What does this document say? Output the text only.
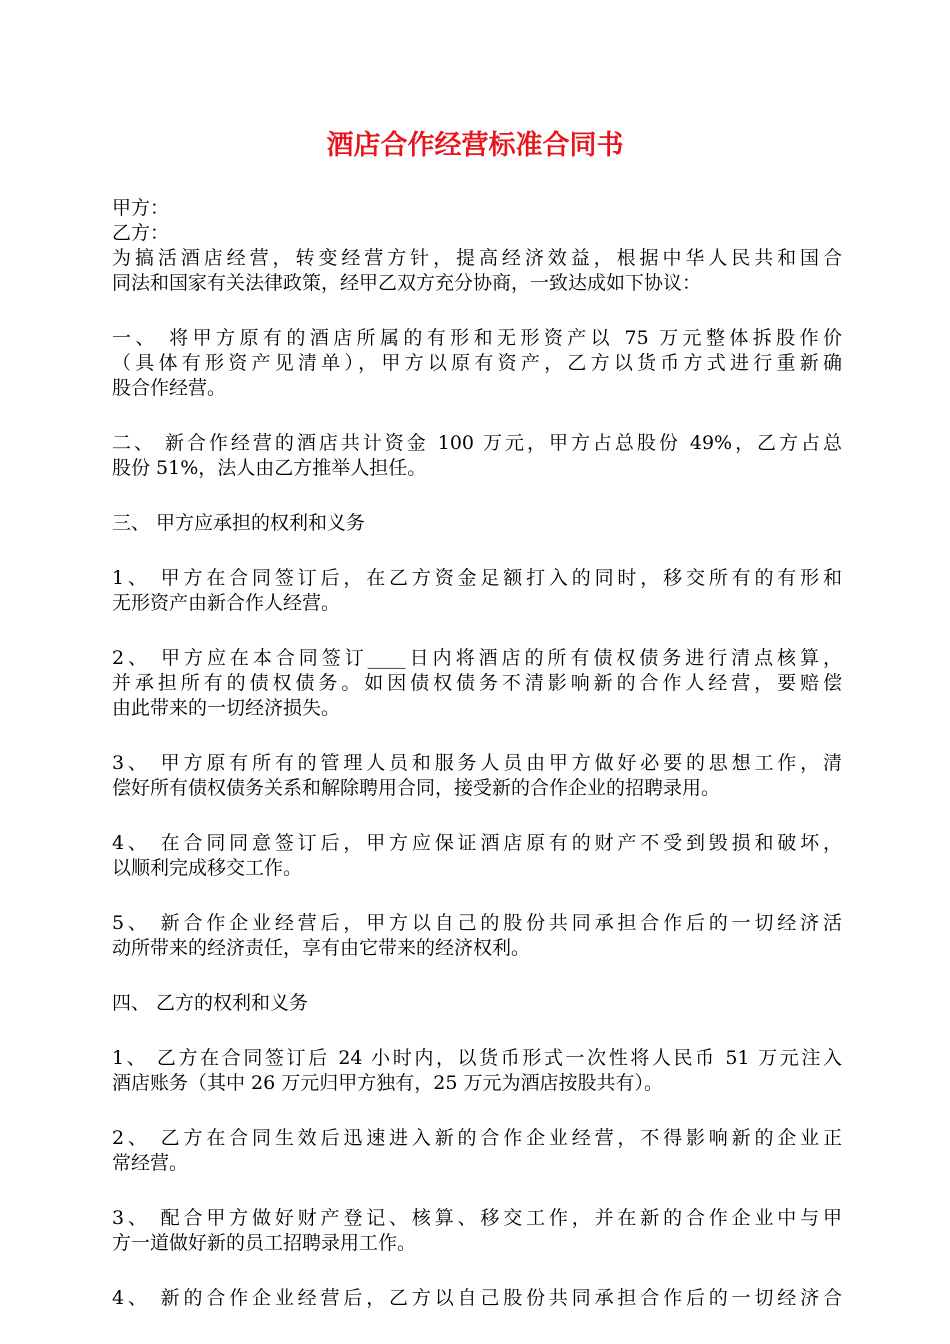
酒店合作经营标准合同书
甲方：
乙方：
为搞活酒店经营，转变经营方针，提高经济效益，根据中华人民共和国合
同法和国家有关法律政策，经甲乙双方充分协商，一致达成如下协议：
一、 将甲方原有的酒店所属的有形和无形资产以 75 万元整体拆股作价
（具体有形资产见清单），甲方以原有资产，乙方以货币方式进行重新确
股合作经营。
二、 新合作经营的酒店共计资金 100 万元，甲方占总股份 49%，乙方占总
股份 51%，法人由乙方推举人担任。
三、 甲方应承担的权利和义务
1、 甲方在合同签订后，在乙方资金足额打入的同时，移交所有的有形和
无形资产由新合作人经营。
2、 甲方应在本合同签订____日内将酒店的所有债权债务进行清点核算，
并承担所有的债权债务。如因债权债务不清影响新的合作人经营，要赔偿
由此带来的一切经济损失。
3、 甲方原有所有的管理人员和服务人员由甲方做好必要的思想工作，清
偿好所有债权债务关系和解除聘用合同，接受新的合作企业的招聘录用。
4、 在合同同意签订后，甲方应保证酒店原有的财产不受到毁损和破坏，
以顺利完成移交工作。
5、 新合作企业经营后，甲方以自己的股份共同承担合作后的一切经济活
动所带来的经济责任，享有由它带来的经济权利。
四、 乙方的权利和义务
1、 乙方在合同签订后 24 小时内，以货币形式一次性将人民币 51 万元注入
酒店账务（其中 26 万元归甲方独有，25 万元为酒店按股共有）。
2、 乙方在合同生效后迅速进入新的合作企业经营，不得影响新的企业正
常经营。
3、 配合甲方做好财产登记、核算、移交工作，并在新的合作企业中与甲
方一道做好新的员工招聘录用工作。
4、 新的合作企业经营后，乙方以自己股份共同承担合作后的一切经济合
